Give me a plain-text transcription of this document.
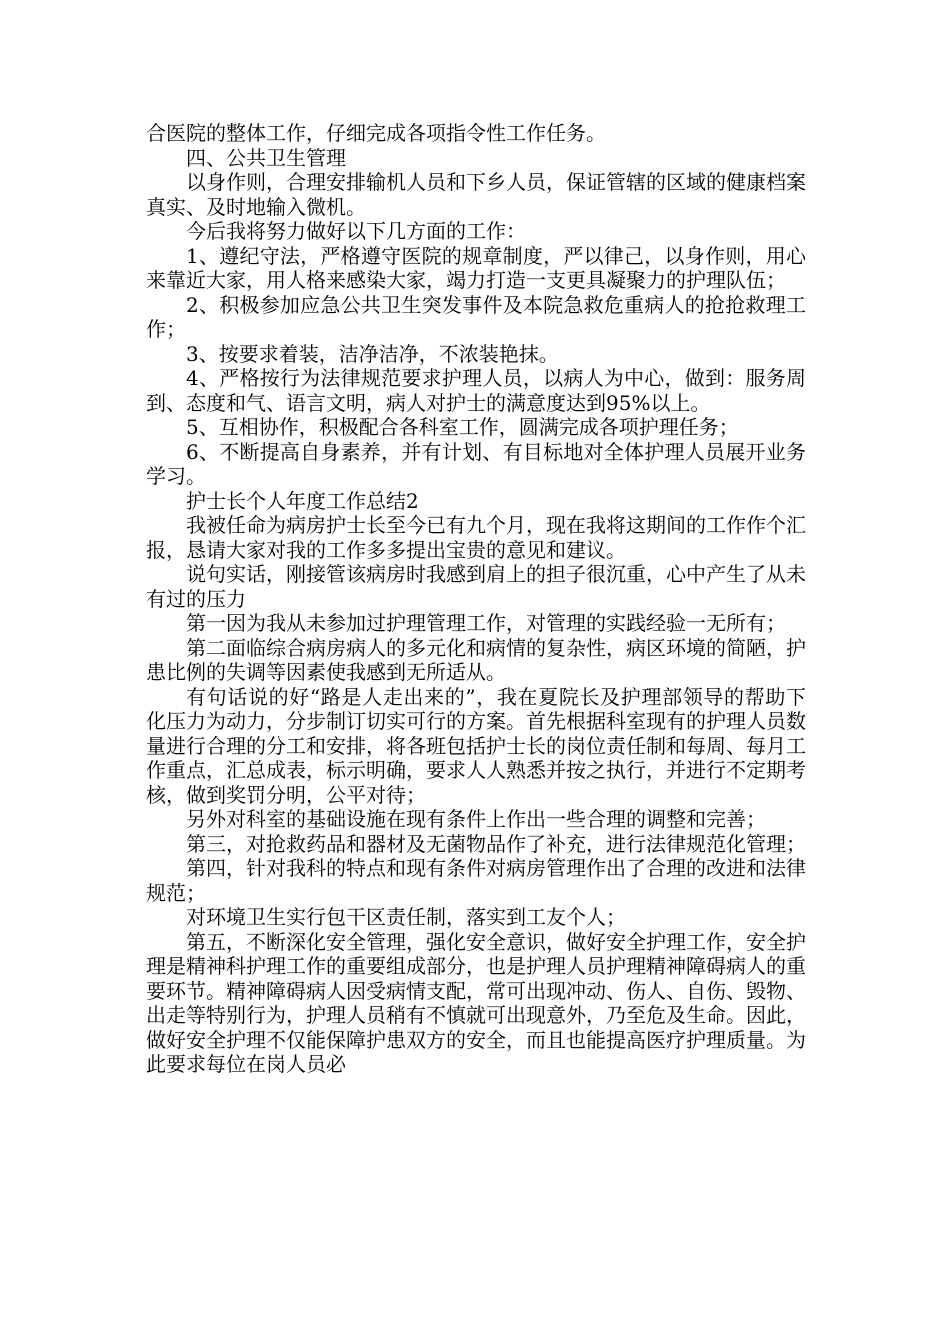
合医院的整体工作，仔细完成各项指令性工作任务。

四、公共卫生管理

以身作则，合理安排输机人员和下乡人员，保证管辖的区域的健康档案真实、及时地输入微机。

今后我将努力做好以下几方面的工作：

1、遵纪守法，严格遵守医院的规章制度，严以律己，以身作则，用心来靠近大家，用人格来感染大家，竭力打造一支更具凝聚力的护理队伍；

2、积极参加应急公共卫生突发事件及本院急救危重病人的抢抢救理工作；

3、按要求着装，洁净洁净，不浓装艳抹。

4、严格按行为法律规范要求护理人员，以病人为中心，做到：服务周到、态度和气、语言文明，病人对护士的满意度达到95%以上。

5、互相协作，积极配合各科室工作，圆满完成各项护理任务；

6、不断提高自身素养，并有计划、有目标地对全体护理人员展开业务学习。

护士长个人年度工作总结2

我被任命为病房护士长至今已有九个月，现在我将这期间的工作作个汇报，恳请大家对我的工作多多提出宝贵的意见和建议。

说句实话，刚接管该病房时我感到肩上的担子很沉重，心中产生了从未有过的压力

第一因为我从未参加过护理管理工作，对管理的实践经验一无所有；

第二面临综合病房病人的多元化和病情的复杂性，病区环境的简陋，护患比例的失调等因素使我感到无所适从。

有句话说的好“路是人走出来的”，我在夏院长及护理部领导的帮助下化压力为动力，分步制订切实可行的方案。首先根据科室现有的护理人员数量进行合理的分工和安排，将各班包括护士长的岗位责任制和每周、每月工作重点，汇总成表，标示明确，要求人人熟悉并按之执行，并进行不定期考核，做到奖罚分明，公平对待；

另外对科室的基础设施在现有条件上作出一些合理的调整和完善；

第三，对抢救药品和器材及无菌物品作了补充，进行法律规范化管理；

第四，针对我科的特点和现有条件对病房管理作出了合理的改进和法律规范；

对环境卫生实行包干区责任制，落实到工友个人；

第五，不断深化安全管理，强化安全意识，做好安全护理工作，安全护理是精神科护理工作的重要组成部分，也是护理人员护理精神障碍病人的重要环节。精神障碍病人因受病情支配，常可出现冲动、伤人、自伤、毁物、出走等特别行为，护理人员稍有不慎就可出现意外，乃至危及生命。因此，做好安全护理不仅能保障护患双方的安全，而且也能提高医疗护理质量。为此要求每位在岗人员必
